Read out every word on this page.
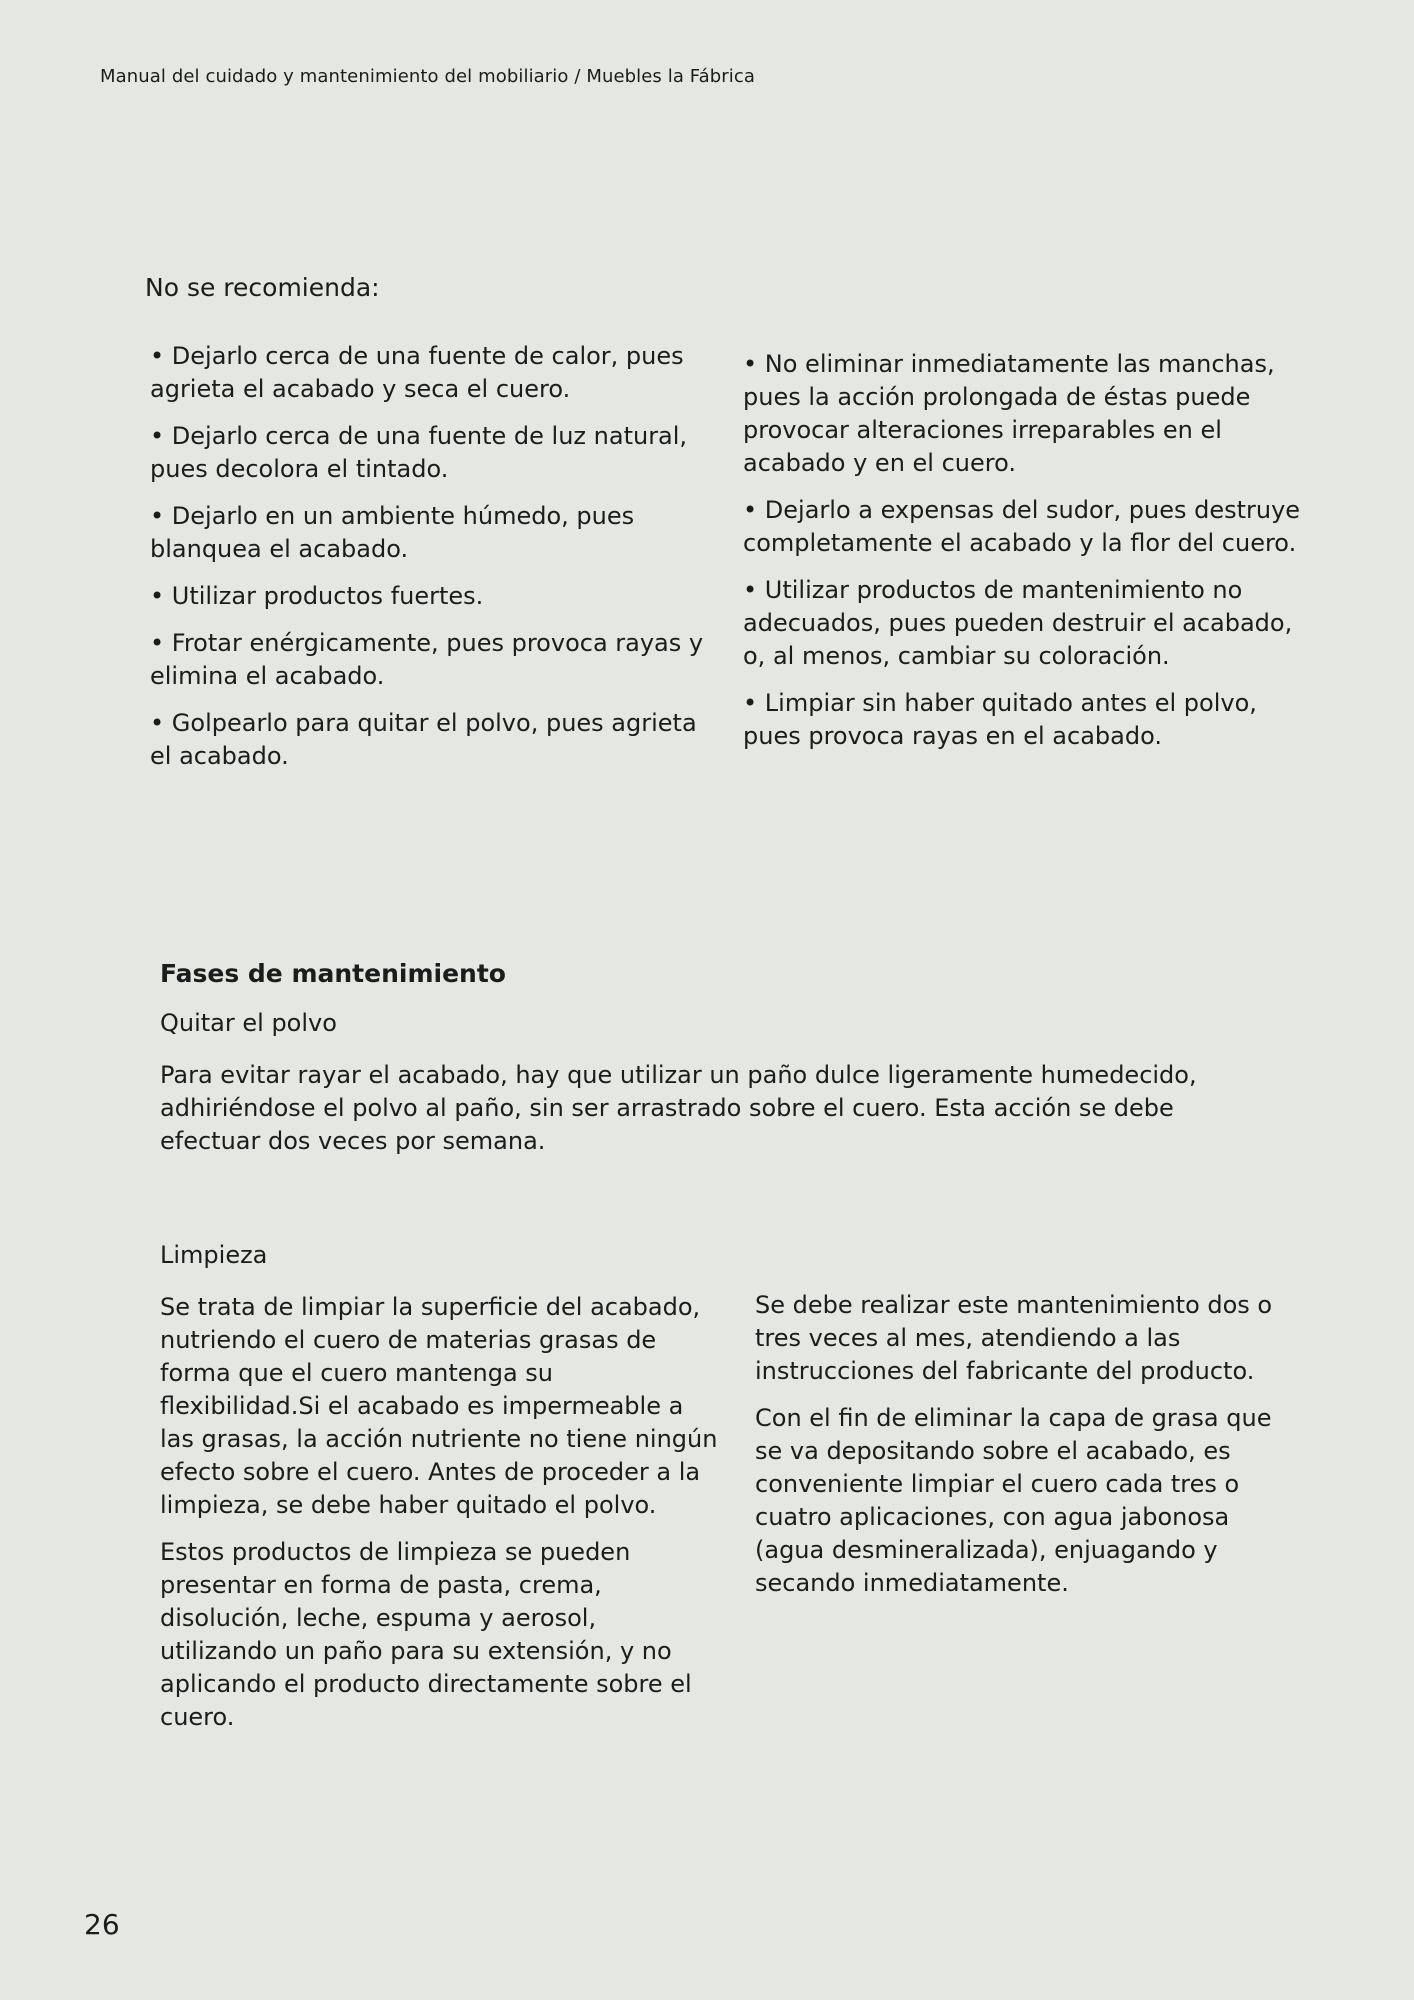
Manual del cuidado y mantenimiento del mobiliario / Muebles la Fábrica
No se recomienda:

• Dejarlo cerca de una fuente de calor, pues agrieta el acabado y seca el cuero.

• Dejarlo cerca de una fuente de luz natural, pues decolora el tintado.

• Dejarlo en un ambiente húmedo, pues blanquea el acabado.

• Utilizar productos fuertes.

• Frotar enérgicamente, pues provoca rayas y elimina el acabado.

• Golpearlo para quitar el polvo, pues agrieta el acabado.

• No eliminar inmediatamente las manchas, pues la acción prolongada de éstas puede provocar alteraciones irreparables en el acabado y en el cuero.

• Dejarlo a expensas del sudor, pues destruye completamente el acabado y la flor del cuero.

• Utilizar productos de mantenimiento no adecuados, pues pueden destruir el acabado, o, al menos, cambiar su coloración.

• Limpiar sin haber quitado antes el polvo, pues provoca rayas en el acabado.

Fases de mantenimiento
Quitar el polvo

Para evitar rayar el acabado, hay que utilizar un paño dulce ligeramente humedecido, adhiriéndose el polvo al paño, sin ser arrastrado sobre el cuero. Esta acción se debe efectuar dos veces por semana.

Limpieza

Se trata de limpiar la superficie del acabado, nutriendo el cuero de materias grasas de forma que el cuero mantenga su flexibilidad.Si el acabado es impermeable a las grasas, la acción nutriente no tiene ningún efecto sobre el cuero. Antes de proceder a la limpieza, se debe haber quitado el polvo.

Estos productos de limpieza se pueden presentar en forma de pasta, crema, disolución, leche, espuma y aerosol, utilizando un paño para su extensión, y no aplicando el producto directamente sobre el cuero.

Se debe realizar este mantenimiento dos o tres veces al mes, atendiendo a las instrucciones del fabricante del producto.

Con el fin de eliminar la capa de grasa que se va depositando sobre el acabado, es conveniente limpiar el cuero cada tres o cuatro aplicaciones, con agua jabonosa (agua desmineralizada), enjuagando y secando inmediatamente.

26
